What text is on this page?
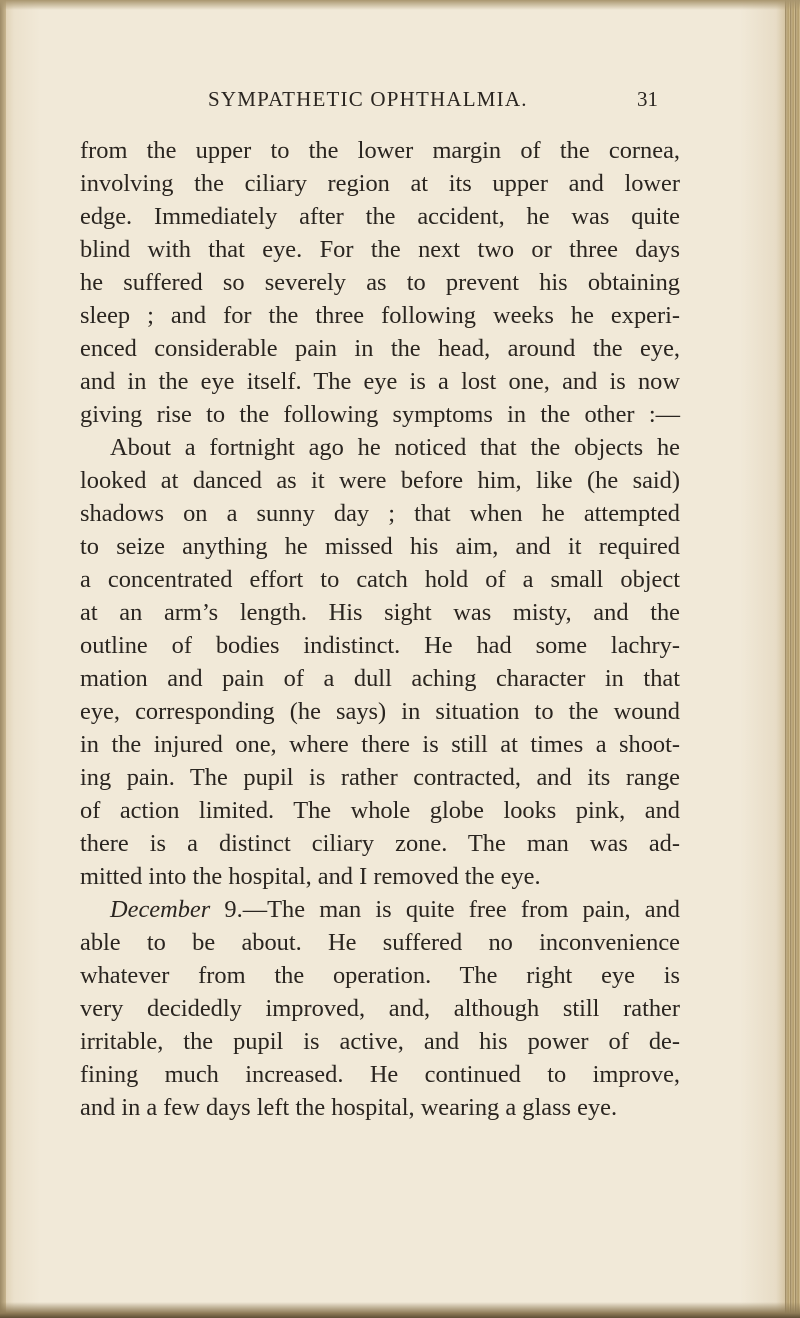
SYMPATHETIC OPHTHALMIA.	31
from the upper to the lower margin of the cornea,
involving the ciliary region at its upper and lower
edge. Immediately after the accident, he was quite
blind with that eye. For the next two or three days
he suffered so severely as to prevent his obtaining
sleep ; and for the three following weeks he experi-
enced considerable pain in the head, around the eye,
and in the eye itself. The eye is a lost one, and is now
giving rise to the following symptoms in the other :—
About a fortnight ago he noticed that the objects he
looked at danced as it were before him, like (he said)
shadows on a sunny day ; that when he attempted
to seize anything he missed his aim, and it required
a concentrated effort to catch hold of a small object
at an arm’s length. His sight was misty, and the
outline of bodies indistinct. He had some lachry-
mation and pain of a dull aching character in that
eye, corresponding (he says) in situation to the wound
in the injured one, where there is still at times a shoot-
ing pain. The pupil is rather contracted, and its range
of action limited. The whole globe looks pink, and
there is a distinct ciliary zone. The man was ad-
mitted into the hospital, and I removed the eye.
December 9.—The man is quite free from pain, and
able to be about. He suffered no inconvenience
whatever from the operation. The right eye is
very decidedly improved, and, although still rather
irritable, the pupil is active, and his power of de-
fining much increased. He continued to improve,
and in a few days left the hospital, wearing a glass eye.
